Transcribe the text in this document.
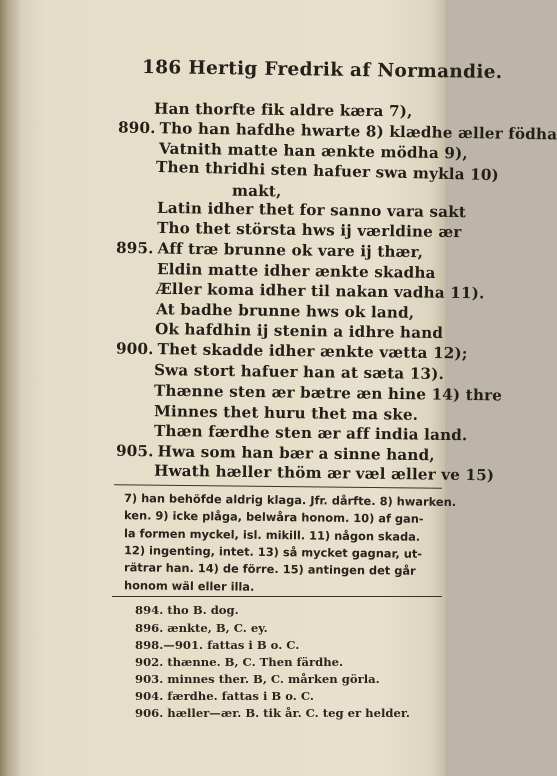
186 Hertig Fredrik af Normandie.
Han thorfte fik aldre kæra 7),
890. Tho han hafdhe hwarte 8) klædhe æller födha
Vatnith matte han ænkte mödha 9),
Then thridhi sten hafuer swa mykla 10)
makt,
Latin idher thet for sanno vara sakt
Tho thet största hws ij værldine ær
895. Aff træ brunne ok vare ij thær,
Eldin matte idher ænkte skadha
Æller koma idher til nakan vadha 11).
At badhe brunne hws ok land,
Ok hafdhin ij stenin a idhre hand
900. Thet skadde idher ænkte vætta 12);
Swa stort hafuer han at sæta 13).
Thænne sten ær bætre æn hine 14) thre
Minnes thet huru thet ma ske.
Thæn færdhe sten ær aff india land.
905. Hwa som han bær a sinne hand,
Hwath hæller thöm ær væl æller ve 15)
7) han behöfde aldrig klaga. Jfr. dårfte. 8) hwarken.
ken. 9) icke plåga, belwåra honom. 10) af gan-
la formen myckel, isl. mikill. 11) någon skada.
12) ingenting, intet. 13) så mycket gagnar, ut-
rätrar han. 14) de förre. 15) antingen det går
honom wäl eller illa.
894. tho B. dog.
896. ænkte, B, C. ey.
898.—901. fattas i B o. C.
902. thænne. B, C. Then färdhe.
903. minnes ther. B, C. mårken görla.
904. færdhe. fattas i B o. C.
906. hæller—ær. B. tik år. C. teg er helder.
